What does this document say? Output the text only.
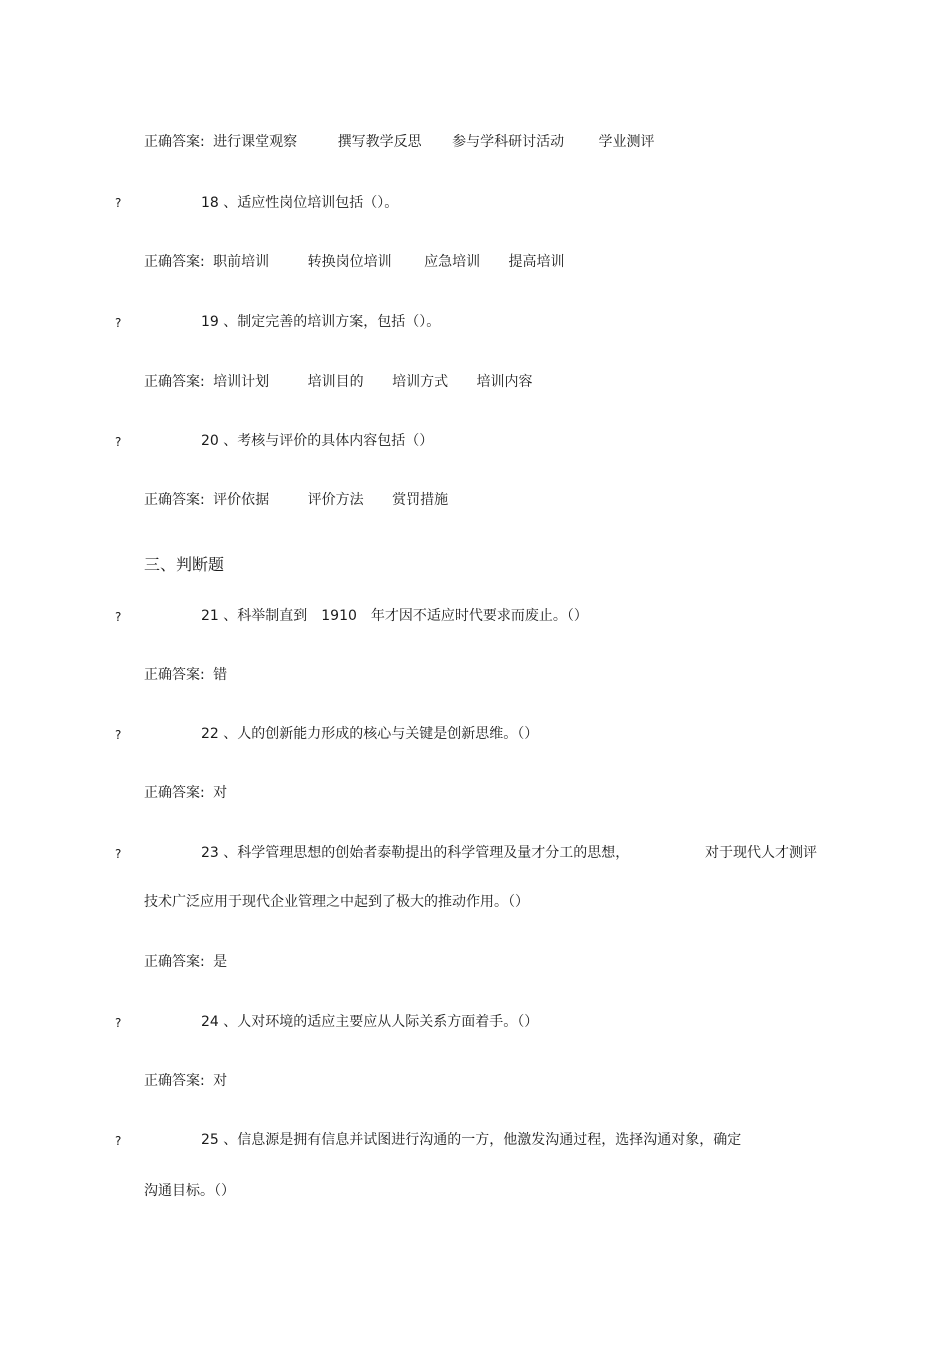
正确答案: 进行课堂观察	撰写教学反思 参与学科研讨活动 学业测评
?	18 、适应性岗位培训包括（）。
正确答案: 职前培训	转换岗位培训 应急培训 提高培训
?	19 、制定完善的培训方案，包括（）。
正确答案: 培训计划	培训目的 培训方式 培训内容
?	20 、考核与评价的具体内容包括（）
正确答案: 评价依据	评价方法 赏罚措施
三、判断题
?	21 、科举制直到　1910　年才因不适应时代要求而废止。（）
正确答案: 错
?	22 、人的创新能力形成的核心与关键是创新思维。（）
正确答案: 对
?	23 、科学管理思想的创始者泰勒提出的科学管理及量才分工的思想，	对于现代人才测评
技术广泛应用于现代企业管理之中起到了极大的推动作用。（）
正确答案: 是
?	24 、人对环境的适应主要应从人际关系方面着手。（）
正确答案: 对
?	25 、信息源是拥有信息并试图进行沟通的一方，他激发沟通过程，选择沟通对象，确定
沟通目标。（）
